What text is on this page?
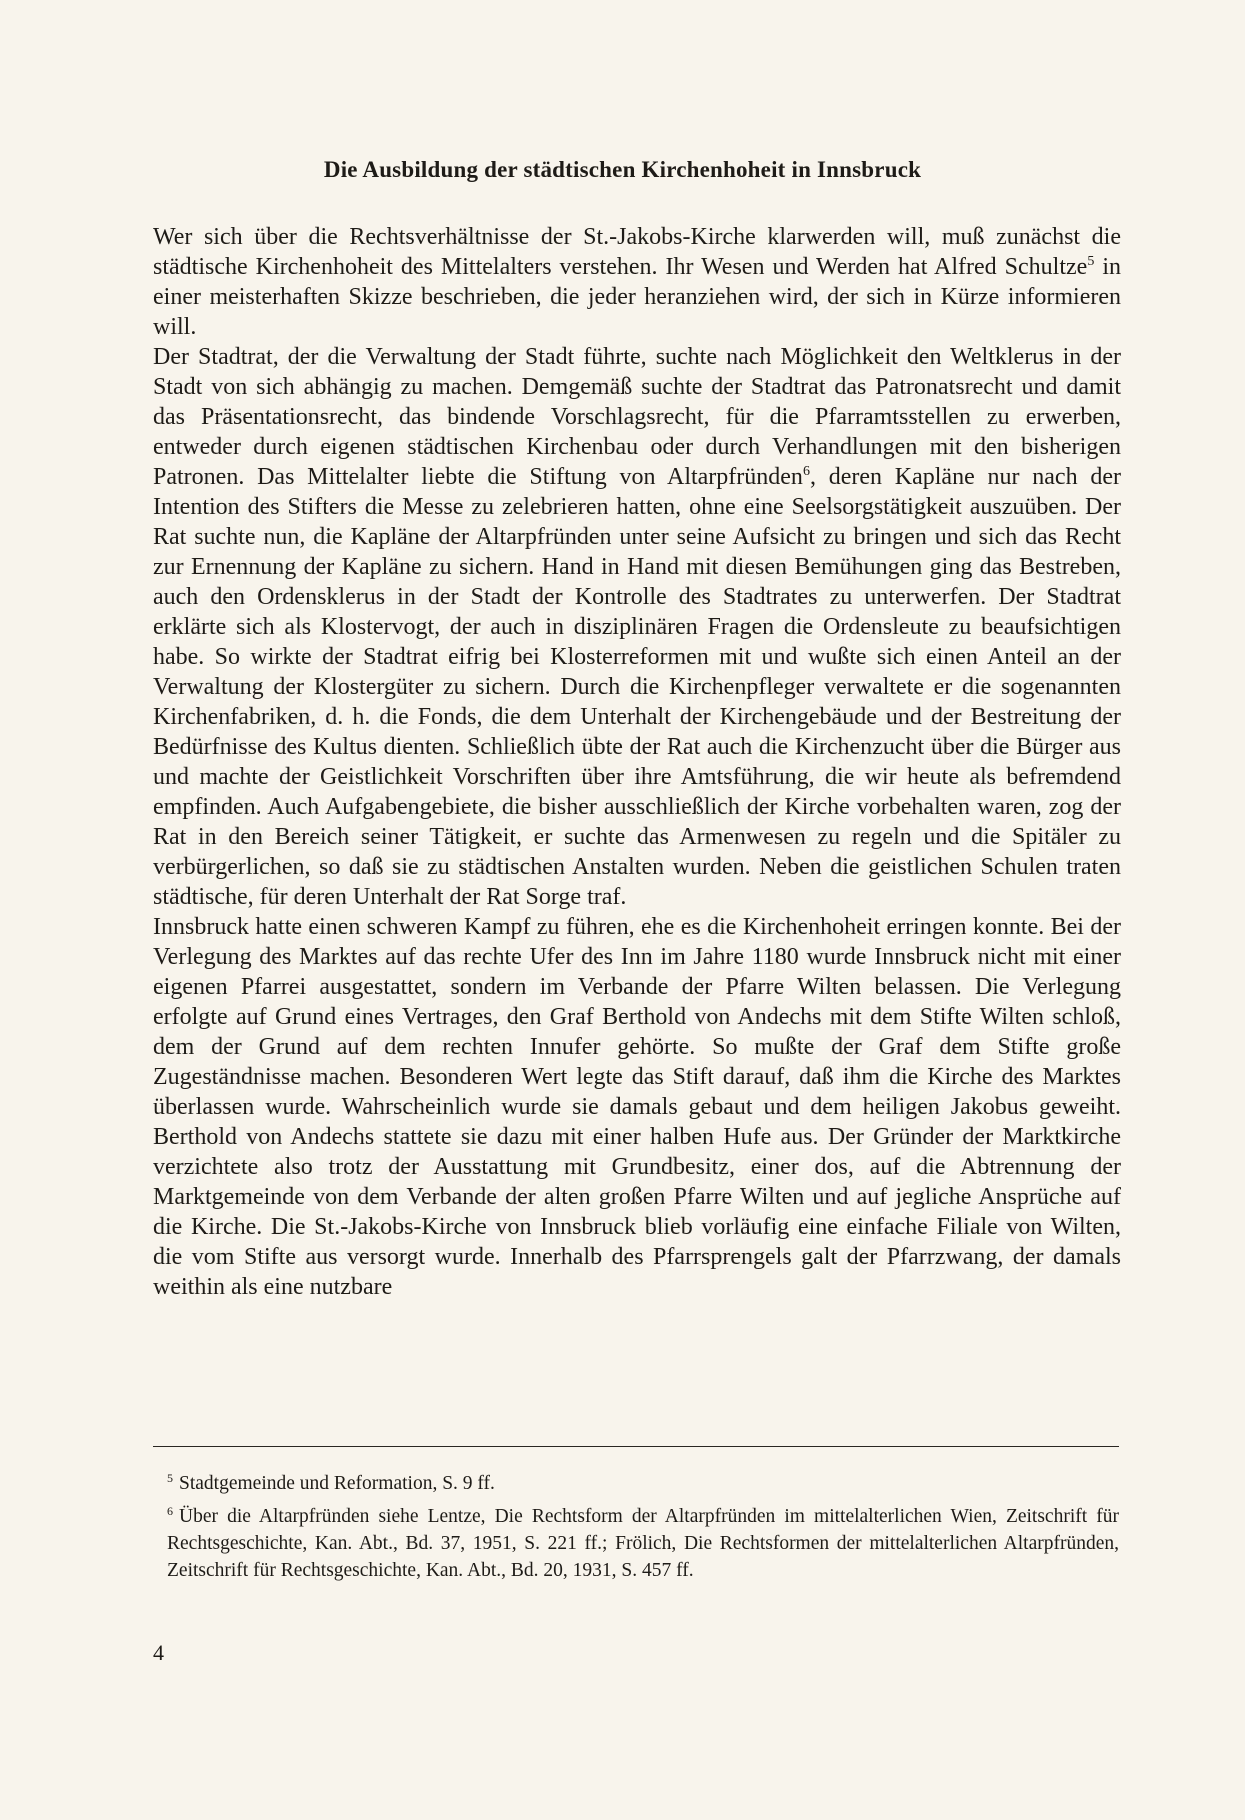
Die Ausbildung der städtischen Kirchenhoheit in Innsbruck

Wer sich über die Rechtsverhältnisse der St.-Jakobs-Kirche klarwerden will, muß zunächst die städtische Kirchenhoheit des Mittelalters verstehen. Ihr Wesen und Werden hat Alfred Schultze$^5$ in einer meisterhaften Skizze beschrieben, die jeder heranziehen wird, der sich in Kürze informieren will.

Der Stadtrat, der die Verwaltung der Stadt führte, suchte nach Möglichkeit den Weltklerus in der Stadt von sich abhängig zu machen. Demgemäß suchte der Stadtrat das Patronatsrecht und damit das Präsentationsrecht, das bindende Vorschlagsrecht, für die Pfarramtsstellen zu erwerben, entweder durch eigenen städtischen Kirchenbau oder durch Verhandlungen mit den bisherigen Patronen. Das Mittelalter liebte die Stiftung von Altarpfründen$^6$, deren Kapläne nur nach der Intention des Stifters die Messe zu zelebrieren hatten, ohne eine Seelsorgstätigkeit auszuüben. Der Rat suchte nun, die Kapläne der Altarpfründen unter seine Aufsicht zu bringen und sich das Recht zur Ernennung der Kapläne zu sichern. Hand in Hand mit diesen Bemühungen ging das Bestreben, auch den Ordensklerus in der Stadt der Kontrolle des Stadtrates zu unterwerfen. Der Stadtrat erklärte sich als Klostervogt, der auch in disziplinären Fragen die Ordensleute zu beaufsichtigen habe. So wirkte der Stadtrat eifrig bei Klosterreformen mit und wußte sich einen Anteil an der Verwaltung der Klostergüter zu sichern. Durch die Kirchenpfleger verwaltete er die sogenannten Kirchenfabriken, d. h. die Fonds, die dem Unterhalt der Kirchengebäude und der Bestreitung der Bedürfnisse des Kultus dienten. Schließlich übte der Rat auch die Kirchenzucht über die Bürger aus und machte der Geistlichkeit Vorschriften über ihre Amtsführung, die wir heute als befremdend empfinden. Auch Aufgabengebiete, die bisher ausschließlich der Kirche vorbehalten waren, zog der Rat in den Bereich seiner Tätigkeit, er suchte das Armenwesen zu regeln und die Spitäler zu verbürgerlichen, so daß sie zu städtischen Anstalten wurden. Neben die geistlichen Schulen traten städtische, für deren Unterhalt der Rat Sorge traf.

Innsbruck hatte einen schweren Kampf zu führen, ehe es die Kirchenhoheit erringen konnte. Bei der Verlegung des Marktes auf das rechte Ufer des Inn im Jahre 1180 wurde Innsbruck nicht mit einer eigenen Pfarrei ausgestattet, sondern im Verbande der Pfarre Wilten belassen. Die Verlegung erfolgte auf Grund eines Vertrages, den Graf Berthold von Andechs mit dem Stifte Wilten schloß, dem der Grund auf dem rechten Innufer gehörte. So mußte der Graf dem Stifte große Zugeständnisse machen. Besonderen Wert legte das Stift darauf, daß ihm die Kirche des Marktes überlassen wurde. Wahrscheinlich wurde sie damals gebaut und dem heiligen Jakobus geweiht. Berthold von Andechs stattete sie dazu mit einer halben Hufe aus. Der Gründer der Marktkirche verzichtete also trotz der Ausstattung mit Grundbesitz, einer dos, auf die Abtrennung der Marktgemeinde von dem Verbande der alten großen Pfarre Wilten und auf jegliche Ansprüche auf die Kirche. Die St.-Jakobs-Kirche von Innsbruck blieb vorläufig eine einfache Filiale von Wilten, die vom Stifte aus versorgt wurde. Innerhalb des Pfarrsprengels galt der Pfarrzwang, der damals weithin als eine nutzbare

$^5$ Stadtgemeinde und Reformation, S. 9 ff.

$^6$ Über die Altarpfründen siehe Lentze, Die Rechtsform der Altarpfründen im mittelalterlichen Wien, Zeitschrift für Rechtsgeschichte, Kan. Abt., Bd. 37, 1951, S. 221 ff.; Frölich, Die Rechtsformen der mittelalterlichen Altarpfründen, Zeitschrift für Rechtsgeschichte, Kan. Abt., Bd. 20, 1931, S. 457 ff.

4
